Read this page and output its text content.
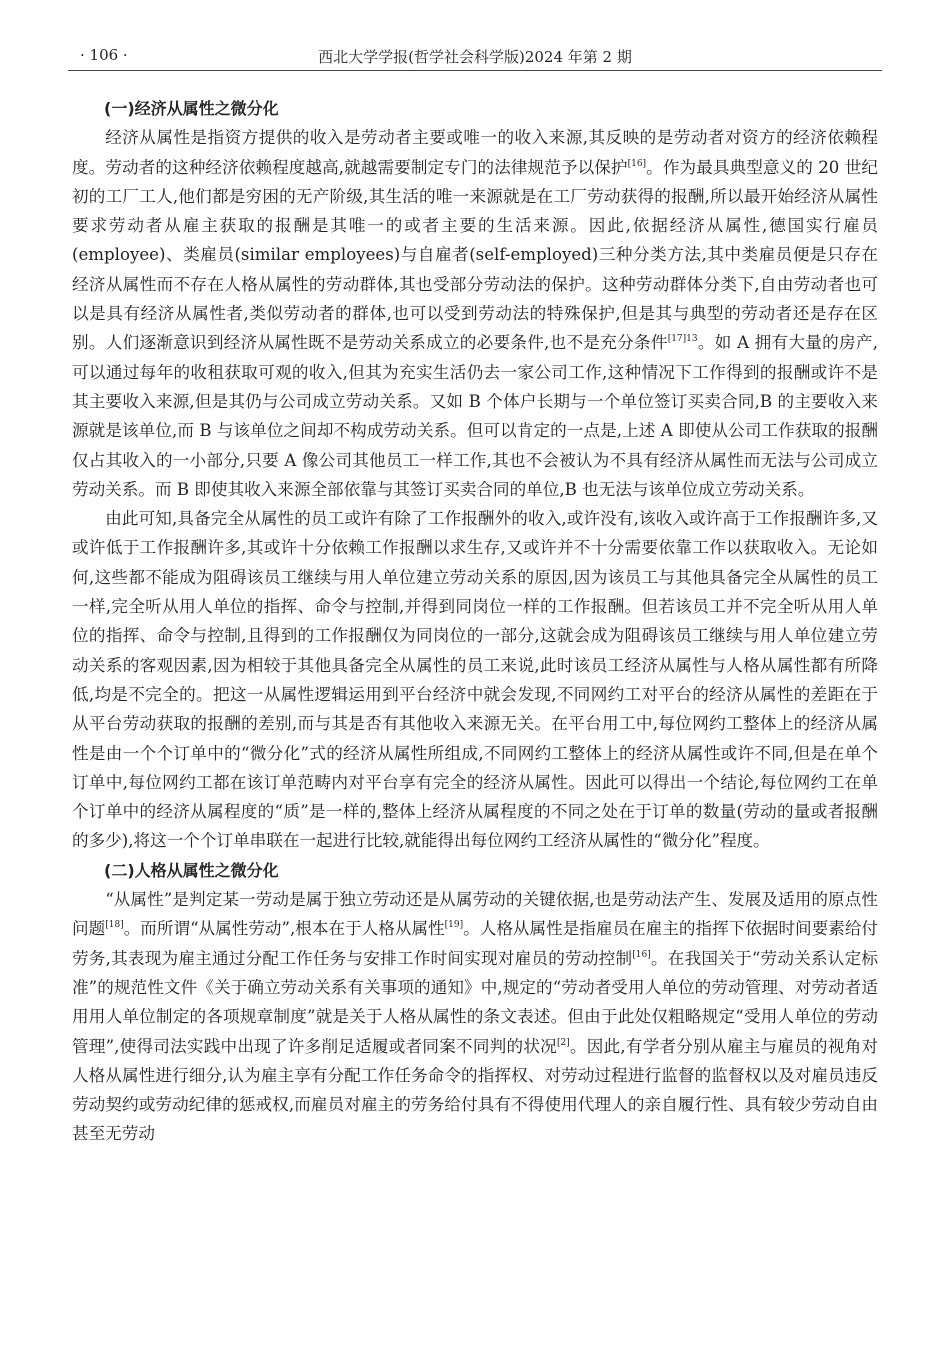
· 106 ·	西北大学学报(哲学社会科学版)2024 年第 2 期
(一)经济从属性之微分化

经济从属性是指资方提供的收入是劳动者主要或唯一的收入来源,其反映的是劳动者对资方的经济依赖程度。劳动者的这种经济依赖程度越高,就越需要制定专门的法律规范予以保护[16]。作为最具典型意义的 20 世纪初的工厂工人,他们都是穷困的无产阶级,其生活的唯一来源就是在工厂劳动获得的报酬,所以最开始经济从属性要求劳动者从雇主获取的报酬是其唯一的或者主要的生活来源。因此,依据经济从属性,德国实行雇员(employee)、类雇员(similar employees)与自雇者(self-employed)三种分类方法,其中类雇员便是只存在经济从属性而不存在人格从属性的劳动群体,其也受部分劳动法的保护。这种劳动群体分类下,自由劳动者也可以是具有经济从属性者,类似劳动者的群体,也可以受到劳动法的特殊保护,但是其与典型的劳动者还是存在区别。人们逐渐意识到经济从属性既不是劳动关系成立的必要条件,也不是充分条件$^{[17]13}$。如 A 拥有大量的房产,可以通过每年的收租获取可观的收入,但其为充实生活仍去一家公司工作,这种情况下工作得到的报酬或许不是其主要收入来源,但是其仍与公司成立劳动关系。又如 B 个体户长期与一个单位签订买卖合同,B 的主要收入来源就是该单位,而 B 与该单位之间却不构成劳动关系。但可以肯定的一点是,上述 A 即使从公司工作获取的报酬仅占其收入的一小部分,只要 A 像公司其他员工一样工作,其也不会被认为不具有经济从属性而无法与公司成立劳动关系。而 B 即使其收入来源全部依靠与其签订买卖合同的单位,B 也无法与该单位成立劳动关系。

由此可知,具备完全从属性的员工或许有除了工作报酬外的收入,或许没有,该收入或许高于工作报酬许多,又或许低于工作报酬许多,其或许十分依赖工作报酬以求生存,又或许并不十分需要依靠工作以获取收入。无论如何,这些都不能成为阻碍该员工继续与用人单位建立劳动关系的原因,因为该员工与其他具备完全从属性的员工一样,完全听从用人单位的指挥、命令与控制,并得到同岗位一样的工作报酬。但若该员工并不完全听从用人单位的指挥、命令与控制,且得到的工作报酬仅为同岗位的一部分,这就会成为阻碍该员工继续与用人单位建立劳动关系的客观因素,因为相较于其他具备完全从属性的员工来说,此时该员工经济从属性与人格从属性都有所降低,均是不完全的。把这一从属性逻辑运用到平台经济中就会发现,不同网约工对平台的经济从属性的差距在于从平台劳动获取的报酬的差别,而与其是否有其他收入来源无关。在平台用工中,每位网约工整体上的经济从属性是由一个个订单中的“微分化”式的经济从属性所组成,不同网约工整体上的经济从属性或许不同,但是在单个订单中,每位网约工都在该订单范畴内对平台享有完全的经济从属性。因此可以得出一个结论,每位网约工在单个订单中的经济从属程度的“质”是一样的,整体上经济从属程度的不同之处在于订单的数量(劳动的量或者报酬的多少),将这一个个订单串联在一起进行比较,就能得出每位网约工经济从属性的“微分化”程度。

(二)人格从属性之微分化

“从属性”是判定某一劳动是属于独立劳动还是从属劳动的关键依据,也是劳动法产生、发展及适用的原点性问题[18]。而所谓“从属性劳动”,根本在于人格从属性[19]。人格从属性是指雇员在雇主的指挥下依据时间要素给付劳务,其表现为雇主通过分配工作任务与安排工作时间实现对雇员的劳动控制[16]。在我国关于“劳动关系认定标准”的规范性文件《关于确立劳动关系有关事项的通知》中,规定的“劳动者受用人单位的劳动管理、对劳动者适用用人单位制定的各项规章制度”就是关于人格从属性的条文表述。但由于此处仅粗略规定“受用人单位的劳动管理”,使得司法实践中出现了许多削足适履或者同案不同判的状况[2]。因此,有学者分别从雇主与雇员的视角对人格从属性进行细分,认为雇主享有分配工作任务命令的指挥权、对劳动过程进行监督的监督权以及对雇员违反劳动契约或劳动纪律的惩戒权,而雇员对雇主的劳务给付具有不得使用代理人的亲自履行性、具有较少劳动自由甚至无劳动
